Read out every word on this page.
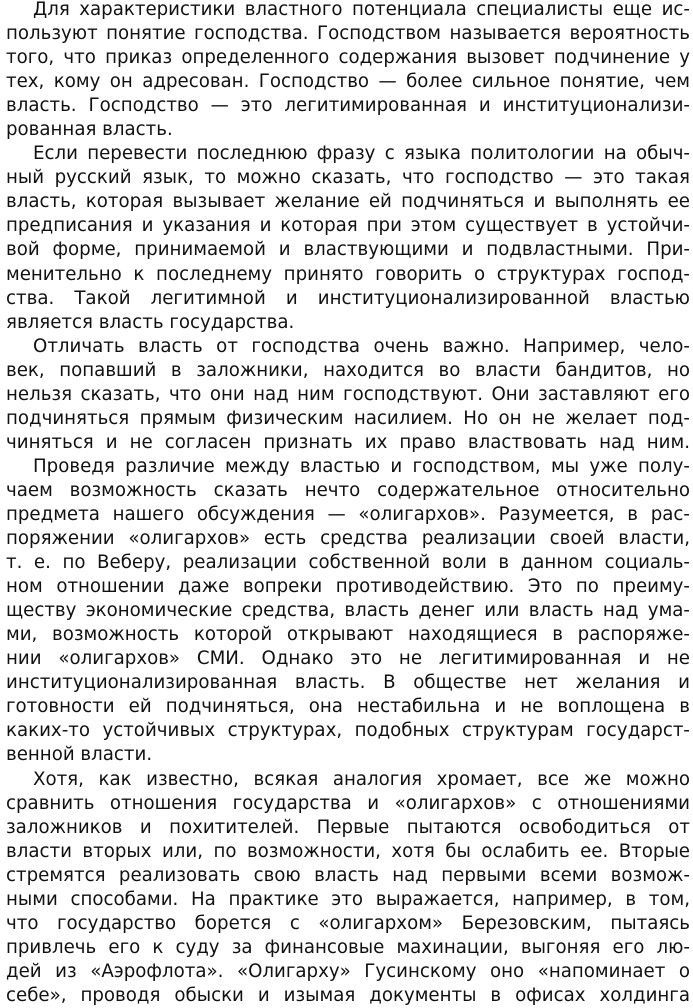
Для характеристики властного потенциала специалисты еще ис-
пользуют понятие господства. Господством называется вероятность
того, что приказ определенного содержания вызовет подчинение у
тех, кому он адресован. Господство — более сильное понятие, чем
власть. Господство — это легитимированная и институционализи-
рованная власть.
Если перевести последнюю фразу с языка политологии на обыч-
ный русский язык, то можно сказать, что господство — это такая
власть, которая вызывает желание ей подчиняться и выполнять ее
предписания и указания и которая при этом существует в устойчи-
вой форме, принимаемой и властвующими и подвластными. При-
менительно к последнему принято говорить о структурах господ-
ства. Такой легитимной и институционализированной властью
является власть государства.
Отличать власть от господства очень важно. Например, чело-
век, попавший в заложники, находится во власти бандитов, но
нельзя сказать, что они над ним господствуют. Они заставляют его
подчиняться прямым физическим насилием. Но он не желает под-
чиняться и не согласен признать их право властвовать над ним.
Проведя различие между властью и господством, мы уже полу-
чаем возможность сказать нечто содержательное относительно
предмета нашего обсуждения — «олигархов». Разумеется, в рас-
поряжении «олигархов» есть средства реализации своей власти,
т. е. по Веберу, реализации собственной воли в данном социаль-
ном отношении даже вопреки противодействию. Это по преиму-
ществу экономические средства, власть денег или власть над ума-
ми, возможность которой открывают находящиеся в распоряже-
нии «олигархов» СМИ. Однако это не легитимированная и не
институционализированная власть. В обществе нет желания и
готовности ей подчиняться, она нестабильна и не воплощена в
каких-то устойчивых структурах, подобных структурам государст-
венной власти.
Хотя, как известно, всякая аналогия хромает, все же можно
сравнить отношения государства и «олигархов» с отношениями
заложников и похитителей. Первые пытаются освободиться от
власти вторых или, по возможности, хотя бы ослабить ее. Вторые
стремятся реализовать свою власть над первыми всеми возмож-
ными способами. На практике это выражается, например, в том,
что государство борется с «олигархом» Березовским, пытаясь
привлечь его к суду за финансовые махинации, выгоняя его лю-
дей из «Аэрофлота». «Олигарху» Гусинскому оно «напоминает о
себе», проводя обыски и изымая документы в офисах холдинга
